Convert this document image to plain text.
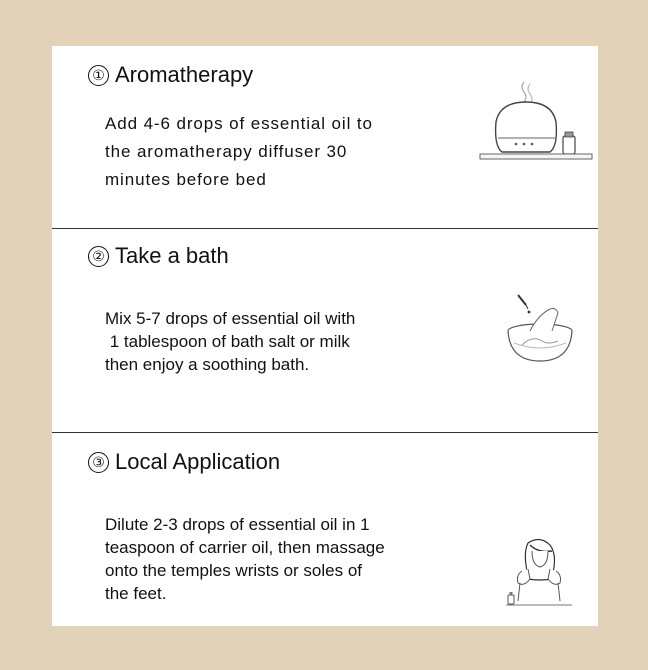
① Aromatherapy
Add 4-6 drops of essential oil to
the aromatherapy diffuser 30
minutes before bed
② Take a bath
Mix 5-7 drops of essential oil with
1 tablespoon of bath salt or milk
then enjoy a soothing bath.
③ Local Application
Dilute 2-3 drops of essential oil in 1
teaspoon of carrier oil, then massage
onto the temples wrists or soles of
the feet.
